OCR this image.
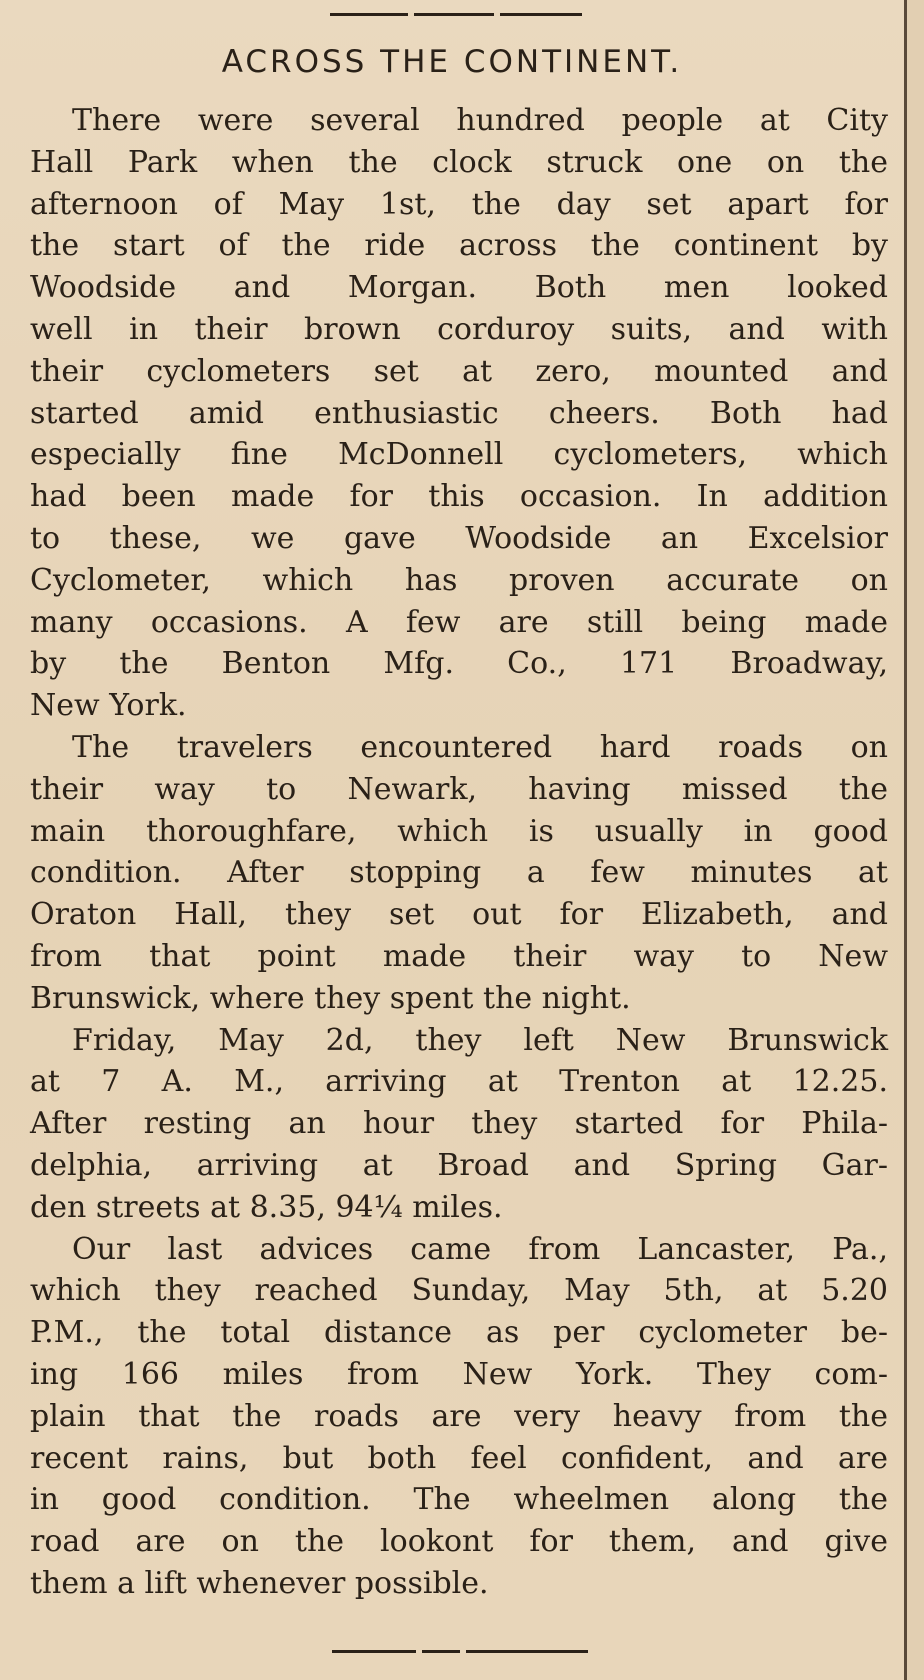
ACROSS THE CONTINENT.
There were several hundred people at City
Hall Park when the clock struck one on the
afternoon of May 1st, the day set apart for
the start of the ride across the continent by
Woodside and Morgan. Both men looked
well in their brown corduroy suits, and with
their cyclometers set at zero, mounted and
started amid enthusiastic cheers. Both had
especially fine McDonnell cyclometers, which
had been made for this occasion. In addition
to these, we gave Woodside an Excelsior
Cyclometer, which has proven accurate on
many occasions. A few are still being made
by the Benton Mfg. Co., 171 Broadway,
New York.
The travelers encountered hard roads on
their way to Newark, having missed the
main thoroughfare, which is usually in good
condition. After stopping a few minutes at
Oraton Hall, they set out for Elizabeth, and
from that point made their way to New
Brunswick, where they spent the night.
Friday, May 2d, they left New Brunswick
at 7 A. M., arriving at Trenton at 12.25.
After resting an hour they started for Phila-
delphia, arriving at Broad and Spring Gar-
den streets at 8.35, 94¼ miles.
Our last advices came from Lancaster, Pa.,
which they reached Sunday, May 5th, at 5.20
P.M., the total distance as per cyclometer be-
ing 166 miles from New York. They com-
plain that the roads are very heavy from the
recent rains, but both feel confident, and are
in good condition. The wheelmen along the
road are on the lookont for them, and give
them a lift whenever possible.
